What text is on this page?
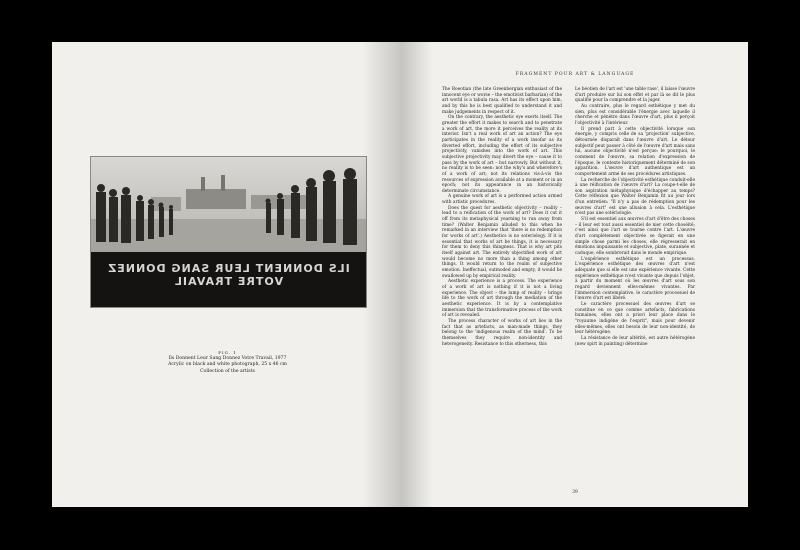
ILS DONNENT LEUR SANG DONNEZ VOTRE TRAVAIL
FIG. 1
Ils Donnent Leur Sang Donnez Votre Travail, 1977
Acrylic on black and white photograph, 25 x 46 cm
Collection of the artists
FRAGMENT POUR ART & LANGUAGE

The Boeotian (the late Greenbergian enthusiast of the innocent eye or worse – the emotivist barbarian) of the art world is a tabula rasa. Art has its effect upon him, and by this he is best qualified to understand it and make judgements in respect of it.

On the contrary, the aesthetic eye exerts itself. The greater the effort it makes to search and to penetrate a work of art, the more it perceives the reality at its interior. Isn't a real work of art an action? The eye participates in the reality of a work insofar as its diverted effort, including the effort of its subjective projectivity, vanishes into the work of art. This subjective projectivity may divert the eye – cause it to pass by the work of art – but narrowly. But without it, no reality is to be seen: not the why's and wherefore's of a work of art; not its relations vis-à-vis the resources of expression available at a moment or in an epoch; not its appearance in an historically determinate circumstance.

A genuine work of art is a performed action armed with artistic procedures.

Does the quest for aesthetic objectivity – reality – lead to a reification of the work of art? Does it cut it off from its metaphysical yearning to run away from time? (Walter Benjamin alluded to this when he remarked in an interview that 'there is no redemption for works of art'.) Aesthetics is no soteriology. If it is essential that works of art be things, it is necessary for them to deny this thingness. That is why art pits itself against art. The entirely objectified work of art would become no more than a thing among other things. It would return to the realm of subjective emotion. Ineffectual, outmoded and empty, it would be swallowed up by empirical reality.

Aesthetic experience is a process. The experience of a work of art is nothing if it is not a living experience. The object – the lump of reality – brings life to the work of art through the mediation of the aesthetic experience. It is by a contemplative immersion that the transformative process of the work of art is revealed.

The process character of works of art lies in the fact that as artefacts, as man-made things, they belong to the 'indigenous realm of the mind'. To be themselves they require non-identity and heterogeneity. Resistance to this otherness, this

Le béotien de l'art est 'une table rase', il laisse l'œuvre d'art produire sur lui son effet et par là se dit le plus qualifié pour la comprendre et la juger.

Au contraire, plus le regard esthétique y met du sien, plus est considérable l'énergie avec laquelle il cherche et pénètre dans l'œuvre d'art, plus il perçoit l'objectivité à l'intérieur.

Il prend part à cette objectivité lorsque son énergie, y compris celle de sa 'projection' subjective, détournée disparaît dans l'œuvre d'art. Le détour subjectif peut passer à côté de l'œuvre d'art mais sans lui, aucune objectivité n'est perçue: le pourquoi, le comment de l'œuvre, sa relation d'expression de l'époque, le contexte historiquement déterminé de son apparition. L'œuvre d'art authentique est un comportement armé de ses procédures artistiques.

La recherche de l'objectivité esthétique conduit-elle à une réification de l'œuvre d'art? La coupe-t-elle de son aspiration métaphysique d'échapper au temps? Cette réflexion que Walter Benjamin fit au jour lors d'un entretien: "Il n'y a pas de rédemption pour les œuvres d'art" est une allusion à cela. L'esthétique n'est pas une sotériologie.

S'il est essentiel aux œuvres d'art d'être des choses – il leur est tout aussi essentiel de nier cette choséité; c'est ainsi que l'art se tourne contre l'art. L'œuvre d'art complètement objectivée se figerait en une simple chose parmi les choses, elle régresserait en émotions impuissante et subjective, plate, surannée et caduque, elle sombrerait dans le monde empirique.

L'expérience esthétique est un processus. L'expérience esthétique des œuvres d'art n'est adéquate que si elle est une expérience vivante. Cette expérience esthétique n'est vivante que depuis l'objet, à partir du moment où les œuvres d'art sous son regard deviennent elles-mêmes vivantes. Par l'immersion contemplative, le caractère processuel de l'œuvre d'art est libéré.

Le caractère processuel des œuvres d'art se constitue en ce que comme artefacts, fabrications humaines, elles ont a priori leur place dans le "royaume indigène de l'esprit", mais pour devenir elles-mêmes, elles ont besoin de leur non-identité, de leur hétérogène.

La résistance de leur altérité, est autre hétérogène (new spirt in painting) détermine

39
